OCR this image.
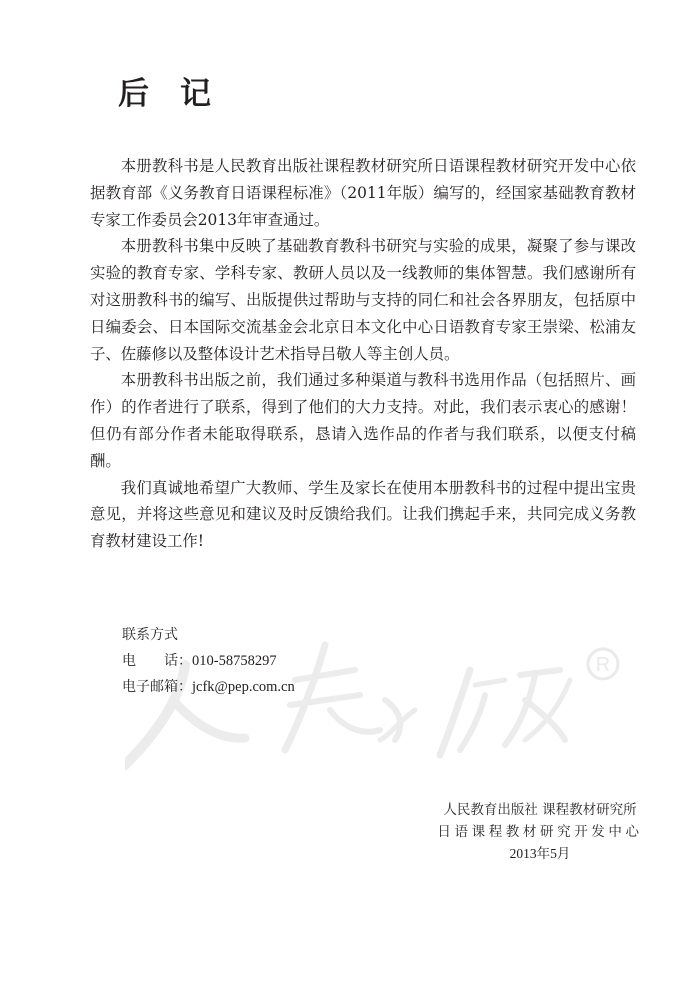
R
后　记

本册教科书是人民教育出版社课程教材研究所日语课程教材研究开发中心依据教育部《义务教育日语课程标准》（2011年版）编写的，经国家基础教育教材专家工作委员会2013年审查通过。

本册教科书集中反映了基础教育教科书研究与实验的成果，凝聚了参与课改实验的教育专家、学科专家、教研人员以及一线教师的集体智慧。我们感谢所有对这册教科书的编写、出版提供过帮助与支持的同仁和社会各界朋友，包括原中日编委会、日本国际交流基金会北京日本文化中心日语教育专家王崇梁、松浦友子、佐藤修以及整体设计艺术指导吕敬人等主创人员。

本册教科书出版之前，我们通过多种渠道与教科书选用作品（包括照片、画作）的作者进行了联系，得到了他们的大力支持。对此，我们表示衷心的感谢！但仍有部分作者未能取得联系，恳请入选作品的作者与我们联系，以便支付稿酬。

我们真诚地希望广大教师、学生及家长在使用本册教科书的过程中提出宝贵意见，并将这些意见和建议及时反馈给我们。让我们携起手来，共同完成义务教育教材建设工作!

联系方式
电　　话：010-58758297
电子邮箱：jcfk@pep.com.cn
人民教育出版社 课程教材研究所
日语课程教材研究开发中心
2013年5月
